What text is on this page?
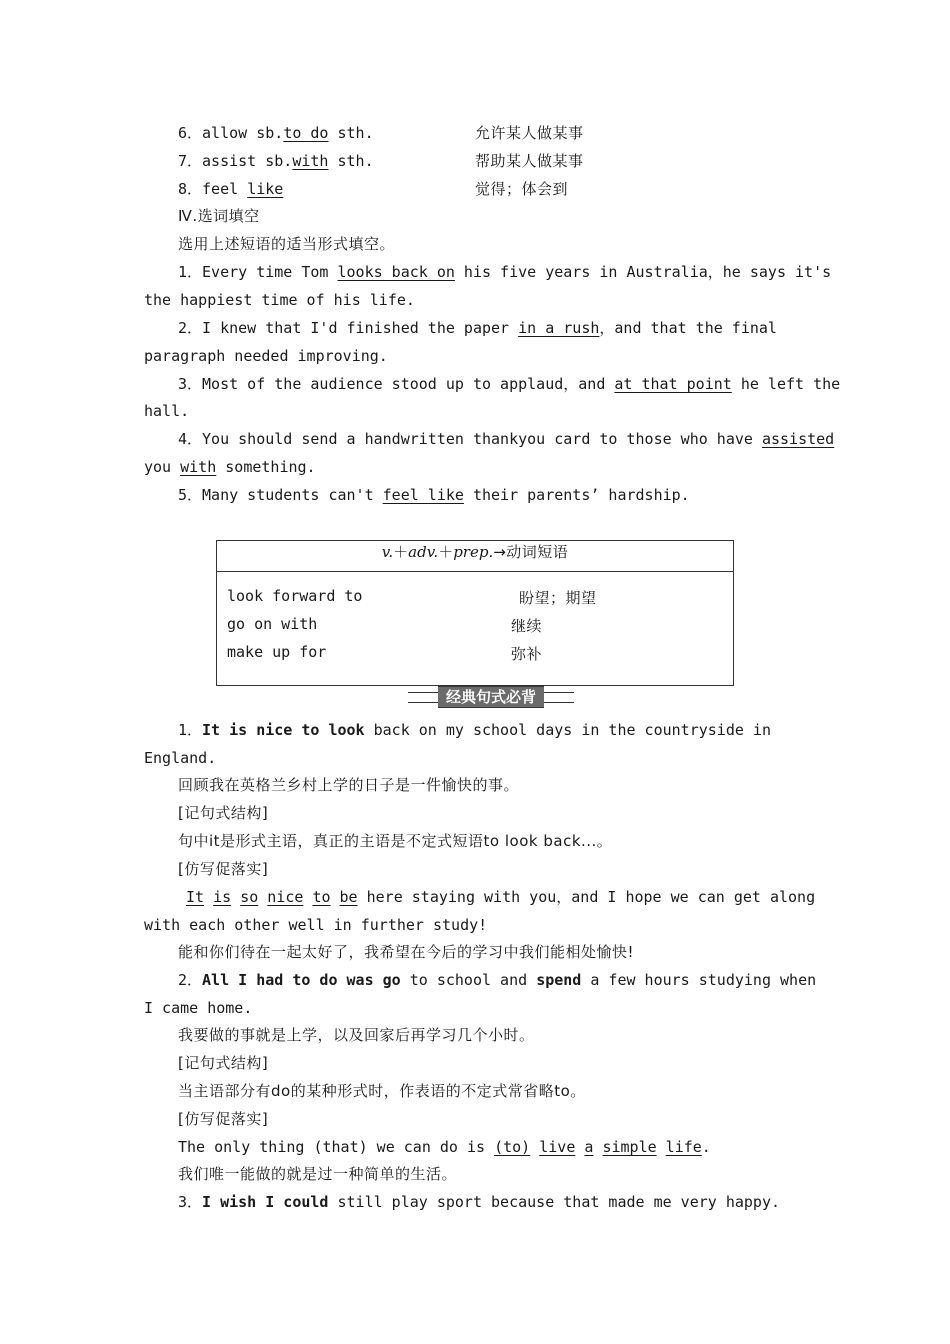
6．allow sb.to do sth.	允许某人做某事
7．assist sb.with sth.	帮助某人做某事
8．feel like	觉得；体会到
Ⅳ.选词填空
选用上述短语的适当形式填空。
1．Every time Tom looks back on his five years in Australia，he says it's
the happiest time of his life.
2．I knew that I'd finished the paper in a rush，and that the final
paragraph needed improving.
3．Most of the audience stood up to applaud，and at that point he left the
hall.
4．You should send a handwritten thankyou card to those who have assisted
you with something.
5．Many students can't feel like their parents’ hardship.
v.＋adv.＋prep.→动词短语
look forward to	盼望；期望
go on with	继续
make up for	弥补
经典句式必背
1．It is nice to look back on my school days in the countryside in
England.
回顾我在英格兰乡村上学的日子是一件愉快的事。
[记句式结构]
句中it是形式主语，真正的主语是不定式短语to look back...。
[仿写促落实]
It is so nice to be here staying with you，and I hope we can get along
with each other well in further study!
能和你们待在一起太好了，我希望在今后的学习中我们能相处愉快!
2．All I had to do was go to school and spend a few hours studying when
I came home.
我要做的事就是上学，以及回家后再学习几个小时。
[记句式结构]
当主语部分有do的某种形式时，作表语的不定式常省略to。
[仿写促落实]
The only thing (that) we can do is (to) live a simple life.
我们唯一能做的就是过一种简单的生活。
3．I wish I could still play sport because that made me very happy.
